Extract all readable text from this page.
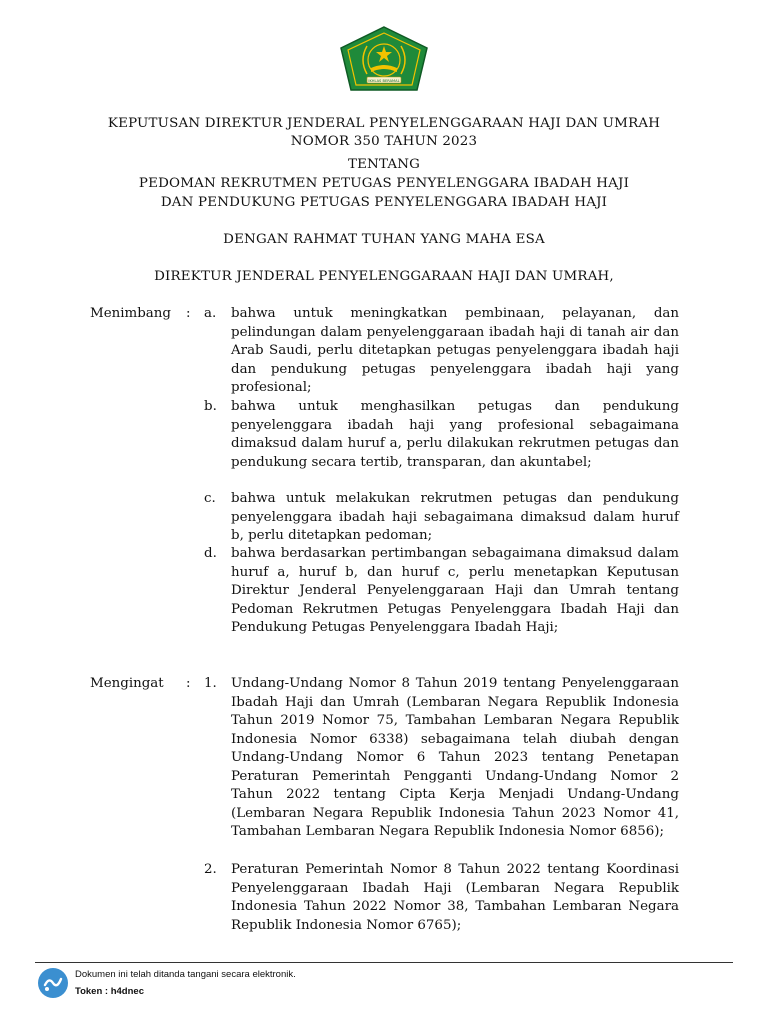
IKHLAS BERAMAL
KEPUTUSAN DIREKTUR JENDERAL PENYELENGGARAAN HAJI DAN UMRAH
NOMOR 350 TAHUN 2023
TENTANG
PEDOMAN REKRUTMEN PETUGAS PENYELENGGARA IBADAH HAJI
DAN PENDUKUNG PETUGAS PENYELENGGARA IBADAH HAJI
DENGAN RAHMAT TUHAN YANG MAHA ESA
DIREKTUR JENDERAL PENYELENGGARAAN HAJI DAN UMRAH,
Menimbang : a.	bahwa untuk meningkatkan pembinaan, pelayanan, dan pelindungan dalam penyelenggaraan ibadah haji di tanah air dan Arab Saudi, perlu ditetapkan petugas penyelenggara ibadah haji dan pendukung petugas penyelenggara ibadah haji yang profesional;
b.	bahwa untuk menghasilkan petugas dan pendukung penyelenggara ibadah haji yang profesional sebagaimana dimaksud dalam huruf a, perlu dilakukan rekrutmen petugas dan pendukung secara tertib, transparan, dan akuntabel;
c.	bahwa untuk melakukan rekrutmen petugas dan pendukung penyelenggara ibadah haji sebagaimana dimaksud dalam huruf b, perlu ditetapkan pedoman;
d.	bahwa berdasarkan pertimbangan sebagaimana dimaksud dalam huruf a, huruf b, dan huruf c, perlu menetapkan Keputusan Direktur Jenderal Penyelenggaraan Haji dan Umrah tentang Pedoman Rekrutmen Petugas Penyelenggara Ibadah Haji dan Pendukung Petugas Penyelenggara Ibadah Haji;
Mengingat : 1.	Undang-Undang Nomor 8 Tahun 2019 tentang Penyelenggaraan Ibadah Haji dan Umrah (Lembaran Negara Republik Indonesia Tahun 2019 Nomor 75, Tambahan Lembaran Negara Republik Indonesia Nomor 6338) sebagaimana telah diubah dengan Undang-Undang Nomor 6 Tahun 2023 tentang Penetapan Peraturan Pemerintah Pengganti Undang-Undang Nomor 2 Tahun 2022 tentang Cipta Kerja Menjadi Undang-Undang (Lembaran Negara Republik Indonesia Tahun 2023 Nomor 41, Tambahan Lembaran Negara Republik Indonesia Nomor 6856);
2.	Peraturan Pemerintah Nomor 8 Tahun 2022 tentang Koordinasi Penyelenggaraan Ibadah Haji (Lembaran Negara Republik Indonesia Tahun 2022 Nomor 38, Tambahan Lembaran Negara Republik Indonesia Nomor 6765);
Dokumen ini telah ditanda tangani secara elektronik.
Token : h4dnec
